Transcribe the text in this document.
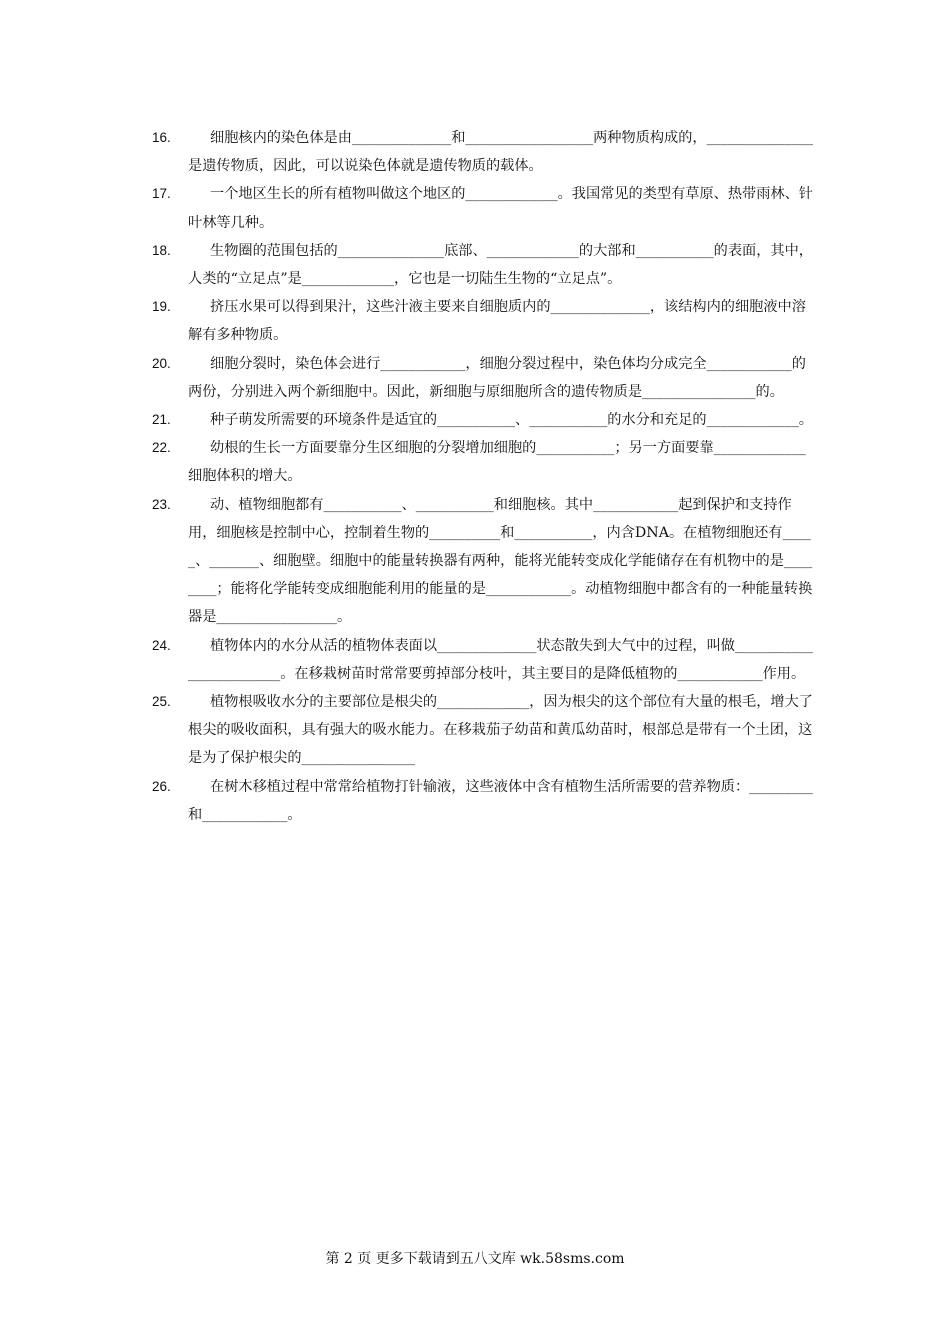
16.	细胞核内的染色体是由______________和__________________两种物质构成的，_______________是遗传物质，因此，可以说染色体就是遗传物质的载体。
17.	一个地区生长的所有植物叫做这个地区的_____________。我国常见的类型有草原、热带雨林、针叶林等几种。
18.	生物圈的范围包括的_______________底部、_____________的大部和___________的表面，其中，人类的“立足点”是_____________，它也是一切陆生生物的“立足点”。
19.	挤压水果可以得到果汁，这些汁液主要来自细胞质内的______________，该结构内的细胞液中溶解有多种物质。
20.	细胞分裂时，染色体会进行____________，细胞分裂过程中，染色体均分成完全____________的两份，分别进入两个新细胞中。因此，新细胞与原细胞所含的遗传物质是________________的。
21.	种子萌发所需要的环境条件是适宜的___________、___________的水分和充足的_____________。
22.	幼根的生长一方面要靠分生区细胞的分裂增加细胞的___________；另一方面要靠_____________细胞体积的增大。
23.	动、植物细胞都有___________、___________和细胞核。其中____________起到保护和支持作用，细胞核是控制中心，控制着生物的__________和___________，内含DNA。在植物细胞还有_____、_______、细胞壁。细胞中的能量转换器有两种，能将光能转变成化学能储存在有机物中的是________；能将化学能转变成细胞能利用的能量的是____________。动植物细胞中都含有的一种能量转换器是_________________。
24.	植物体内的水分从活的植物体表面以______________状态散失到大气中的过程，叫做________________________。在移栽树苗时常常要剪掉部分枝叶，其主要目的是降低植物的____________作用。
25.	植物根吸收水分的主要部位是根尖的_____________，因为根尖的这个部位有大量的根毛，增大了根尖的吸收面积，具有强大的吸水能力。在移栽茄子幼苗和黄瓜幼苗时，根部总是带有一个土团，这是为了保护根尖的________________
26.	在树木移植过程中常常给植物打针输液，这些液体中含有植物生活所需要的营养物质：_________和____________。
第 2 页 更多下载请到五八文库 wk.58sms.com
